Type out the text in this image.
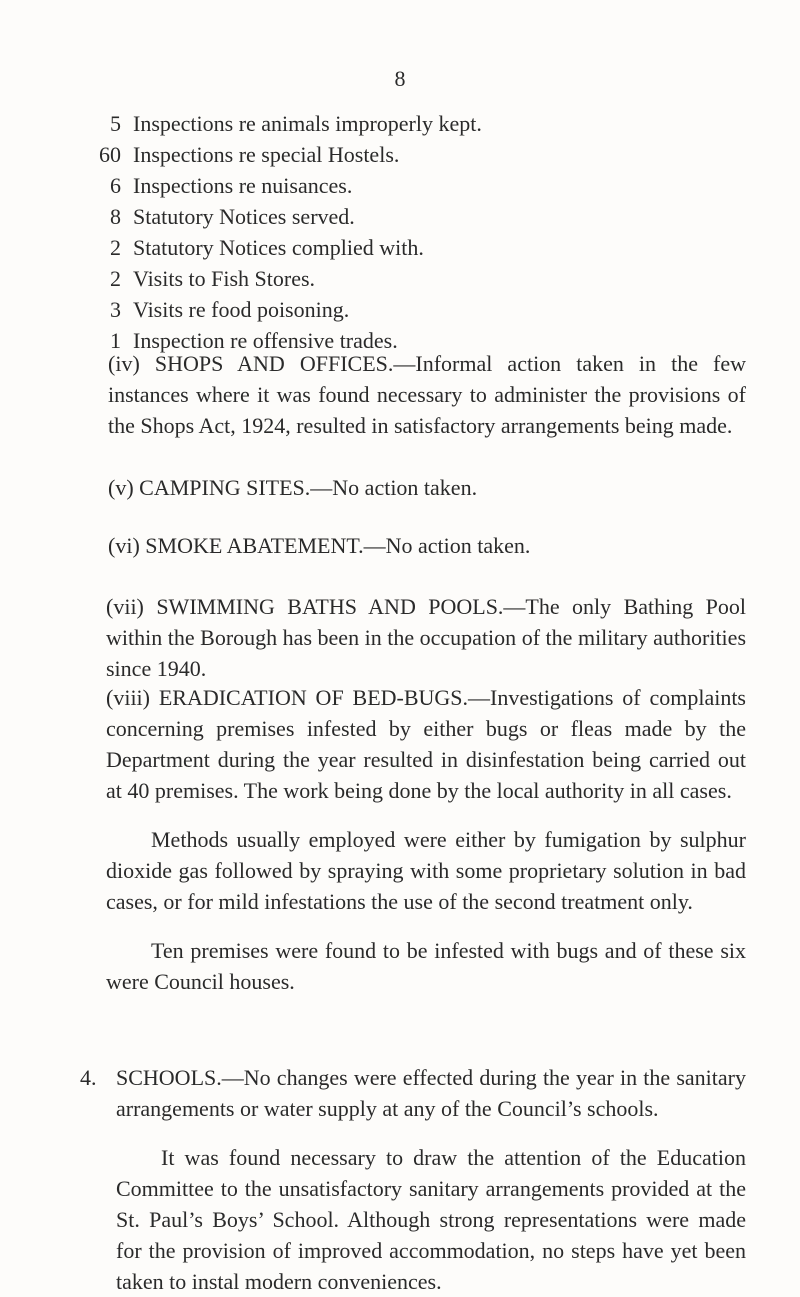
8
5 Inspections re animals improperly kept.
60 Inspections re special Hostels.
6 Inspections re nuisances.
8 Statutory Notices served.
2 Statutory Notices complied with.
2 Visits to Fish Stores.
3 Visits re food poisoning.
1 Inspection re offensive trades.

(iv) SHOPS AND OFFICES.—Informal action taken in the few instances where it was found necessary to administer the provisions of the Shops Act, 1924, resulted in satisfactory arrangements being made.

(v) CAMPING SITES.—No action taken.

(vi) SMOKE ABATEMENT.—No action taken.

(vii) SWIMMING BATHS AND POOLS.—The only Bathing Pool within the Borough has been in the occupation of the military authorities since 1940.

(viii) ERADICATION OF BED-BUGS.—Investigations of complaints concerning premises infested by either bugs or fleas made by the Department during the year resulted in disinfestation being carried out at 40 premises. The work being done by the local authority in all cases.

Methods usually employed were either by fumigation by sulphur dioxide gas followed by spraying with some proprietary solution in bad cases, or for mild infestations the use of the second treatment only.

Ten premises were found to be infested with bugs and of these six were Council houses.

4. SCHOOLS.—No changes were effected during the year in the sanitary arrangements or water supply at any of the Council’s schools.

It was found necessary to draw the attention of the Education Committee to the unsatisfactory sanitary arrangements provided at the St. Paul’s Boys’ School. Although strong representations were made for the provision of improved accommodation, no steps have yet been taken to instal modern conveniences.
